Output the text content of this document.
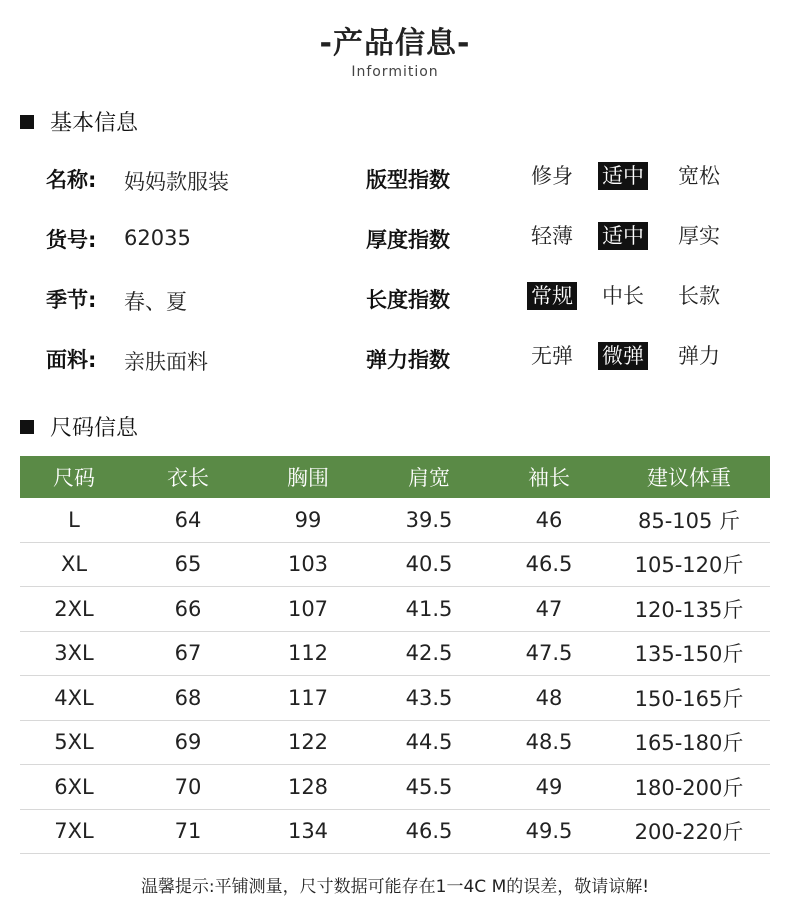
-产品信息-
Informition
基本信息
名称: 妈妈款服装	版型指数	修身 适中 宽松
货号: 62035	厚度指数	轻薄 适中 厚实
季节: 春、夏	长度指数	常规 中长 长款
面料: 亲肤面料	弹力指数	无弹 微弹 弹力
尺码信息
尺码	衣长	胸围	肩宽	袖长	建议体重
L	64	99	39.5	46	85-105 斤
XL	65	103	40.5	46.5	105-120斤
2XL	66	107	41.5	47	120-135斤
3XL	67	112	42.5	47.5	135-150斤
4XL	68	117	43.5	48	150-165斤
5XL	69	122	44.5	48.5	165-180斤
6XL	70	128	45.5	49	180-200斤
7XL	71	134	46.5	49.5	200-220斤
温馨提示:平铺测量，尺寸数据可能存在1一4C M的误差，敬请谅解!
